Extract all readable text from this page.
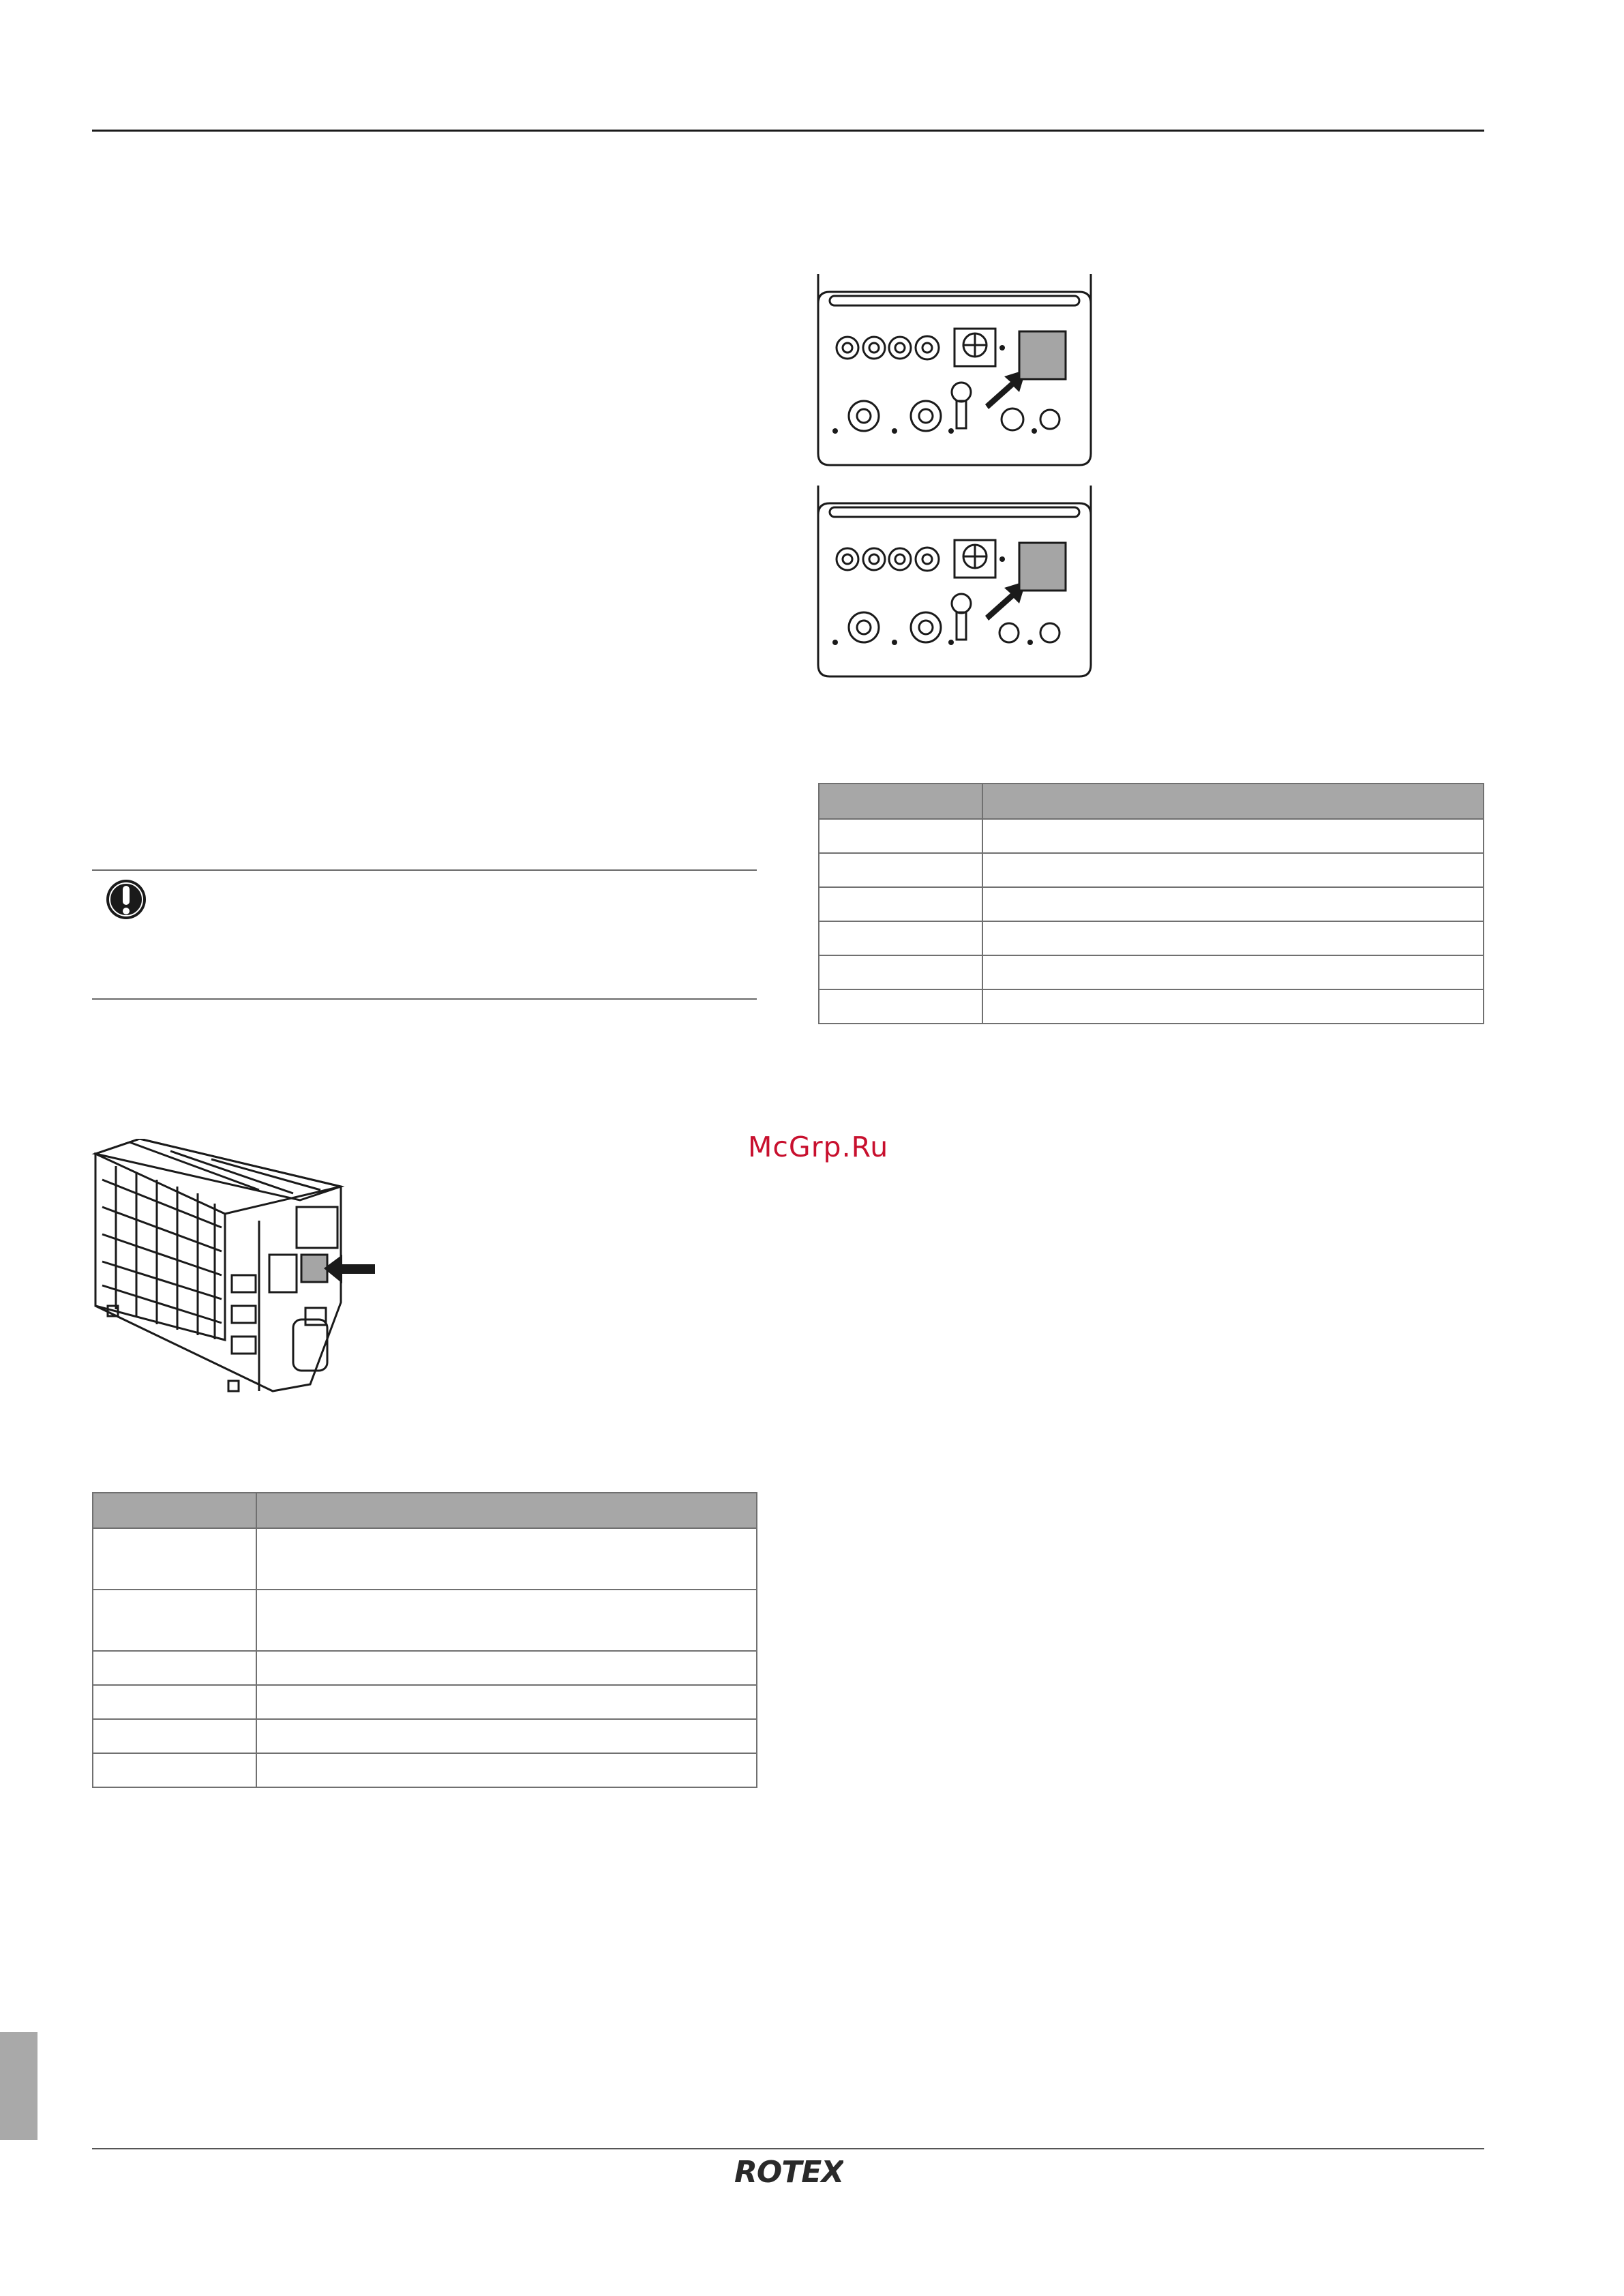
McGrp.Ru

ROTEX
